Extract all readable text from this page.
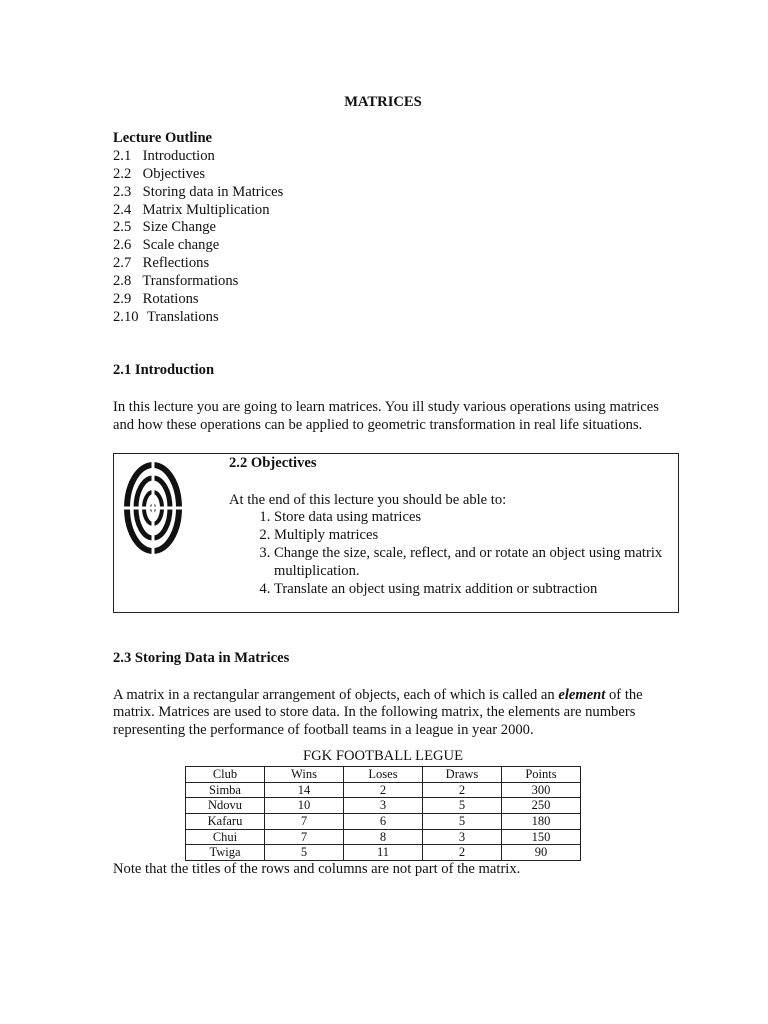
MATRICES

Lecture Outline
2.1 Introduction
2.2 Objectives
2.3 Storing data in Matrices
2.4 Matrix Multiplication
2.5 Size Change
2.6 Scale change
2.7 Reflections
2.8 Transformations
2.9 Rotations
2.10 Translations

2.1 Introduction

In this lecture you are going to learn matrices. You ill study various operations using matrices and how these operations can be applied to geometric transformation in real life situations.

2.2 Objectives

At the end of this lecture you should be able to:

1. Store data using matrices
2. Multiply matrices
3. Change the size, scale, reflect, and or rotate an object using matrix multiplication.
4. Translate an object using matrix addition or subtraction

2.3 Storing Data in Matrices

A matrix in a rectangular arrangement of objects, each of which is called an element of the matrix. Matrices are used to store data. In the following matrix, the elements are numbers representing the performance of football teams in a league in year 2000.

FGK FOOTBALL LEGUE
Club	Wins	Loses	Draws	Points
Simba	14	2	2	300
Ndovu	10	3	5	250
Kafaru	7	6	5	180
Chui	7	8	3	150
Twiga	5	11	2	90

Note that the titles of the rows and columns are not part of the matrix.
